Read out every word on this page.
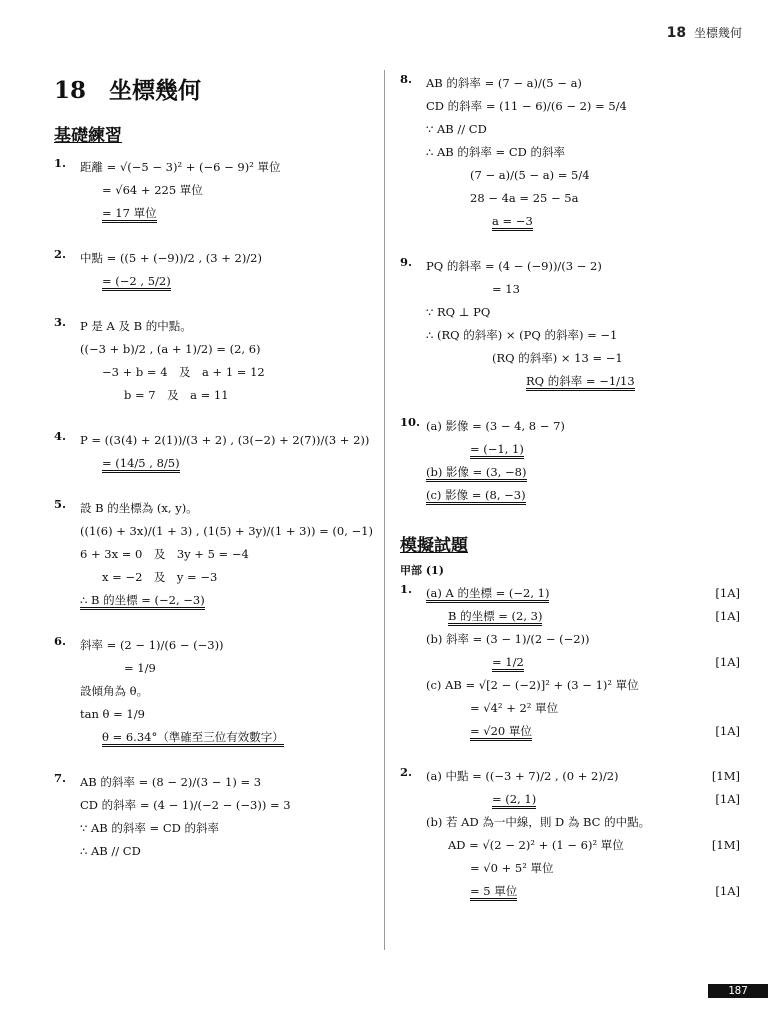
18 坐標幾何
18　坐標幾何
基礎練習
1. 距離 = √(−5 − 3)² + (−6 − 9)² 單位
= √64 + 225 單位
= 17 單位
2. 中點 = ((5 + (−9))/2 , (3 + 2)/2)
= (−2 , 5/2)
3. P 是 A 及 B 的中點。
((−3 + b)/2 , (a + 1)/2) = (2, 6)
−3 + b = 4　及　a + 1 = 12
b = 7　及　a = 11
4. P = ((3(4) + 2(1))/(3 + 2) , (3(−2) + 2(7))/(3 + 2))
= (14/5 , 8/5)
5. 設 B 的坐標為 (x, y)。
((1(6) + 3x)/(1 + 3) , (1(5) + 3y)/(1 + 3)) = (0, −1)
6 + 3x = 0　及　3y + 5 = −4
x = −2　及　y = −3
∴ B 的坐標 = (−2, −3)
6. 斜率 = (2 − 1)/(6 − (−3))
= 1/9
設傾角為 θ。
tan θ = 1/9
θ = 6.34°（準確至三位有效數字）
7. AB 的斜率 = (8 − 2)/(3 − 1) = 3
CD 的斜率 = (4 − 1)/(−2 − (−3)) = 3
∵ AB 的斜率 = CD 的斜率
∴ AB // CD
8. AB 的斜率 = (7 − a)/(5 − a)
CD 的斜率 = (11 − 6)/(6 − 2) = 5/4
∵ AB // CD
∴ AB 的斜率 = CD 的斜率
(7 − a)/(5 − a) = 5/4
28 − 4a = 25 − 5a
a = −3
9. PQ 的斜率 = (4 − (−9))/(3 − 2)
= 13
∵ RQ ⊥ PQ
∴ (RQ 的斜率) × (PQ 的斜率) = −1
(RQ 的斜率) × 13 = −1
RQ 的斜率 = −1/13
10. (a) 影像 = (3 − 4, 8 − 7)
= (−1, 1)
(b) 影像 = (3, −8)
(c) 影像 = (8, −3)
模擬試題
甲部 (1)
1. (a) A 的坐標 = (−2, 1)	[1A]
B 的坐標 = (2, 3)	[1A]
(b) 斜率 = (3 − 1)/(2 − (−2))
= 1/2	[1A]
(c) AB = √[2 − (−2)]² + (3 − 1)² 單位
= √4² + 2² 單位
= √20 單位	[1A]
2. (a) 中點 = ((−3 + 7)/2 , (0 + 2)/2)	[1M]
= (2, 1)	[1A]
(b) 若 AD 為一中線，則 D 為 BC 的中點。
AD = √(2 − 2)² + (1 − 6)² 單位	[1M]
= √0 + 5² 單位
= 5 單位	[1A]
187
